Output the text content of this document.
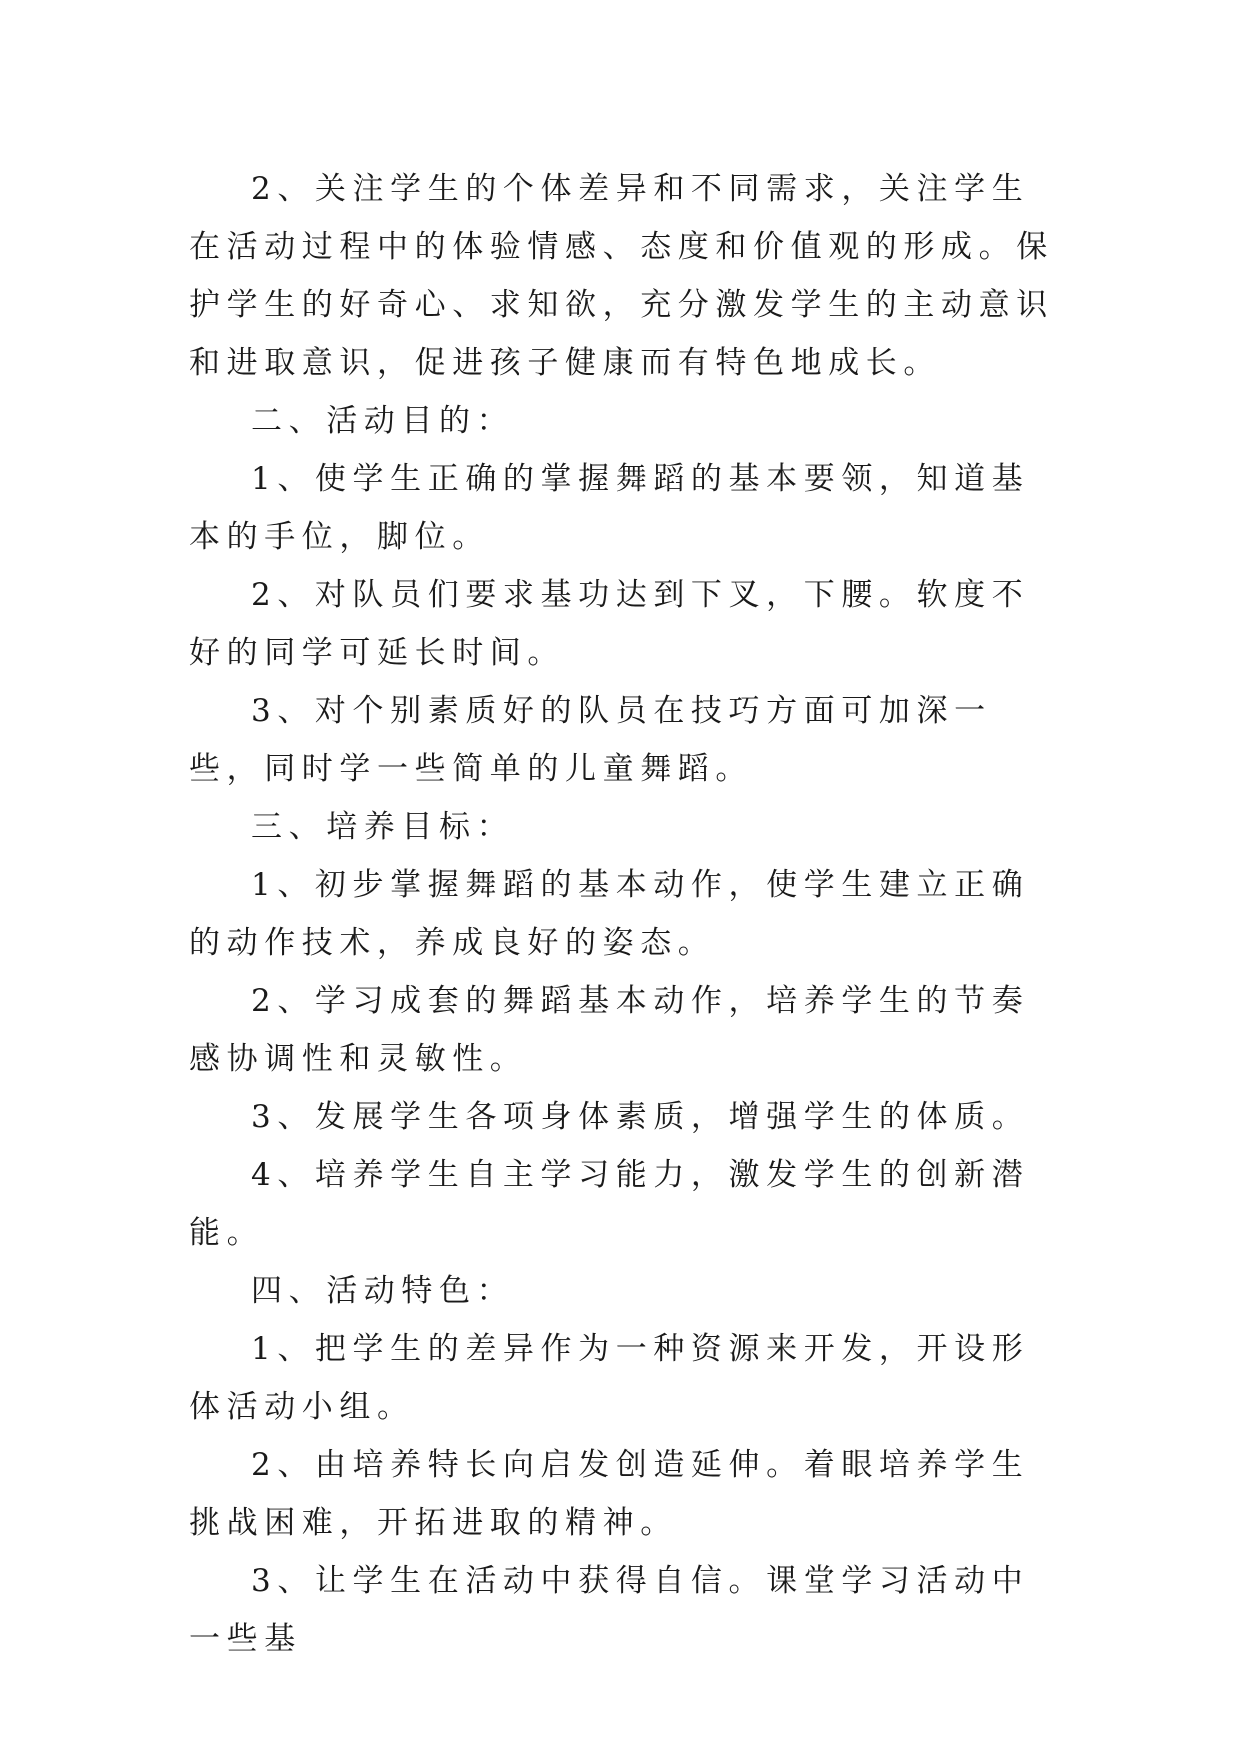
2、关注学生的个体差异和不同需求，关注学生在活动过程中的体验情感、态度和价值观的形成。保护学生的好奇心、求知欲，充分激发学生的主动意识和进取意识，促进孩子健康而有特色地成长。

二、活动目的：

1、使学生正确的掌握舞蹈的基本要领，知道基本的手位，脚位。

2、对队员们要求基功达到下叉，下腰。软度不好的同学可延长时间。

3、对个别素质好的队员在技巧方面可加深一些，同时学一些简单的儿童舞蹈。

三、培养目标：

1、初步掌握舞蹈的基本动作，使学生建立正确的动作技术，养成良好的姿态。

2、学习成套的舞蹈基本动作，培养学生的节奏感协调性和灵敏性。

3、发展学生各项身体素质，增强学生的体质。

4、培养学生自主学习能力，激发学生的创新潜能。

四、活动特色：

1、把学生的差异作为一种资源来开发，开设形体活动小组。

2、由培养特长向启发创造延伸。着眼培养学生挑战困难，开拓进取的精神。

3、让学生在活动中获得自信。课堂学习活动中一些基
